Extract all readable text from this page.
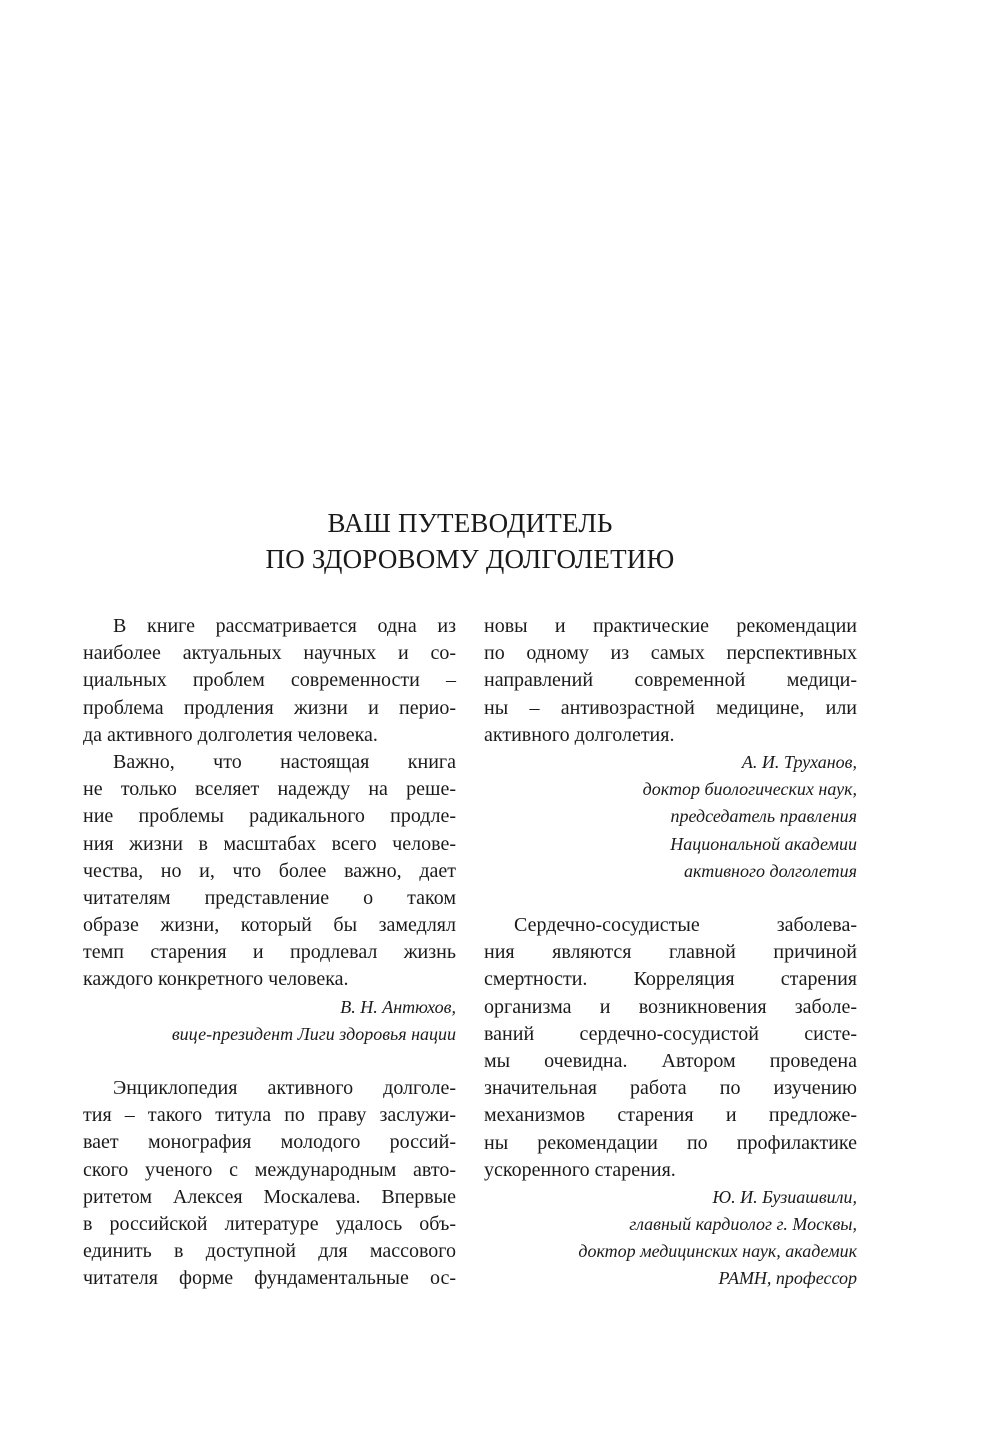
ВАШ ПУТЕВОДИТЕЛЬ
ПО ЗДОРОВОМУ ДОЛГОЛЕТИЮ
В книге рассматривается одна из
наиболее актуальных научных и со-
циальных проблем современности –
проблема продления жизни и перио-
да активного долголетия человека.
Важно, что настоящая книга
не только вселяет надежду на реше-
ние проблемы радикального продле-
ния жизни в масштабах всего челове-
чества, но и, что более важно, дает
читателям представление о таком
образе жизни, который бы замедлял
темп старения и продлевал жизнь
каждого конкретного человека.
В. Н. Антюхов,
вице-президент Лиги здоровья нации
Энциклопедия активного долголе-
тия – такого титула по праву заслужи-
вает монография молодого россий-
ского ученого с международным авто-
ритетом Алексея Москалева. Впервые
в российской литературе удалось объ-
единить в доступной для массового
читателя форме фундаментальные ос-
новы и практические рекомендации
по одному из самых перспективных
направлений современной медици-
ны – антивозрастной медицине, или
активного долголетия.
А. И. Труханов,
доктор биологических наук,
председатель правления
Национальной академии
активного долголетия
Сердечно-сосудистые заболева-
ния являются главной причиной
смертности. Корреляция старения
организма и возникновения заболе-
ваний сердечно-сосудистой систе-
мы очевидна. Автором проведена
значительная работа по изучению
механизмов старения и предложе-
ны рекомендации по профилактике
ускоренного старения.
Ю. И. Бузиашвили,
главный кардиолог г. Москвы,
доктор медицинских наук, академик
РАМН, профессор
